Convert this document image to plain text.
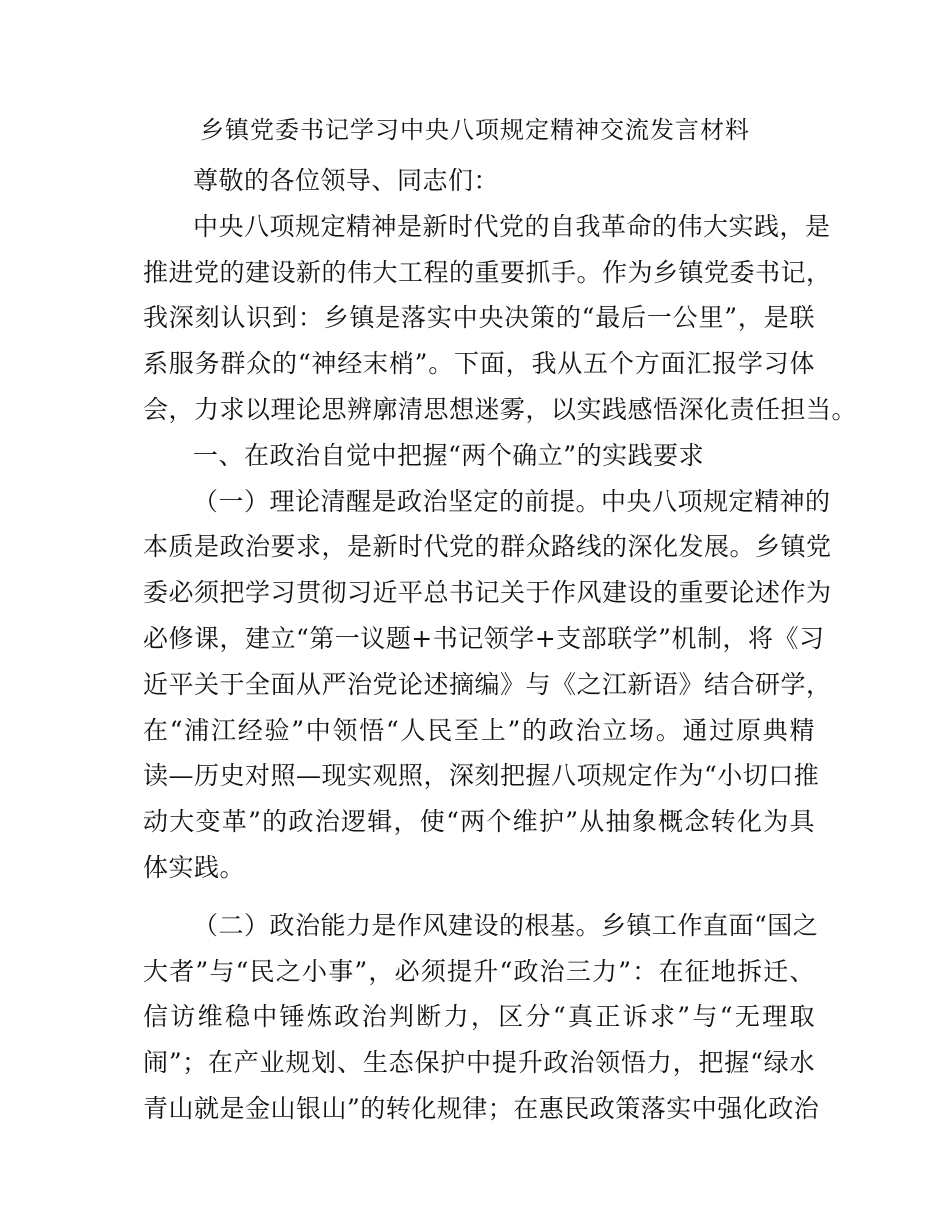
乡镇党委书记学习中央八项规定精神交流发言材料
尊敬的各位领导、同志们：
中央八项规定精神是新时代党的自我革命的伟大实践，是
推进党的建设新的伟大工程的重要抓手。作为乡镇党委书记，
我深刻认识到：乡镇是落实中央决策的“最后一公里”，是联
系服务群众的“神经末梢”。下面，我从五个方面汇报学习体
会，力求以理论思辨廓清思想迷雾，以实践感悟深化责任担当。
一、在政治自觉中把握“两个确立”的实践要求
（一）理论清醒是政治坚定的前提。中央八项规定精神的
本质是政治要求，是新时代党的群众路线的深化发展。乡镇党
委必须把学习贯彻习近平总书记关于作风建设的重要论述作为
必修课，建立“第一议题+书记领学+支部联学”机制，将《习
近平关于全面从严治党论述摘编》与《之江新语》结合研学，
在“浦江经验”中领悟“人民至上”的政治立场。通过原典精
读—历史对照—现实观照，深刻把握八项规定作为“小切口推
动大变革”的政治逻辑，使“两个维护”从抽象概念转化为具
体实践。
（二）政治能力是作风建设的根基。乡镇工作直面“国之
大者”与“民之小事”，必须提升“政治三力”：在征地拆迁、
信访维稳中锤炼政治判断力，区分“真正诉求”与“无理取
闹”；在产业规划、生态保护中提升政治领悟力，把握“绿水
青山就是金山银山”的转化规律；在惠民政策落实中强化政治
